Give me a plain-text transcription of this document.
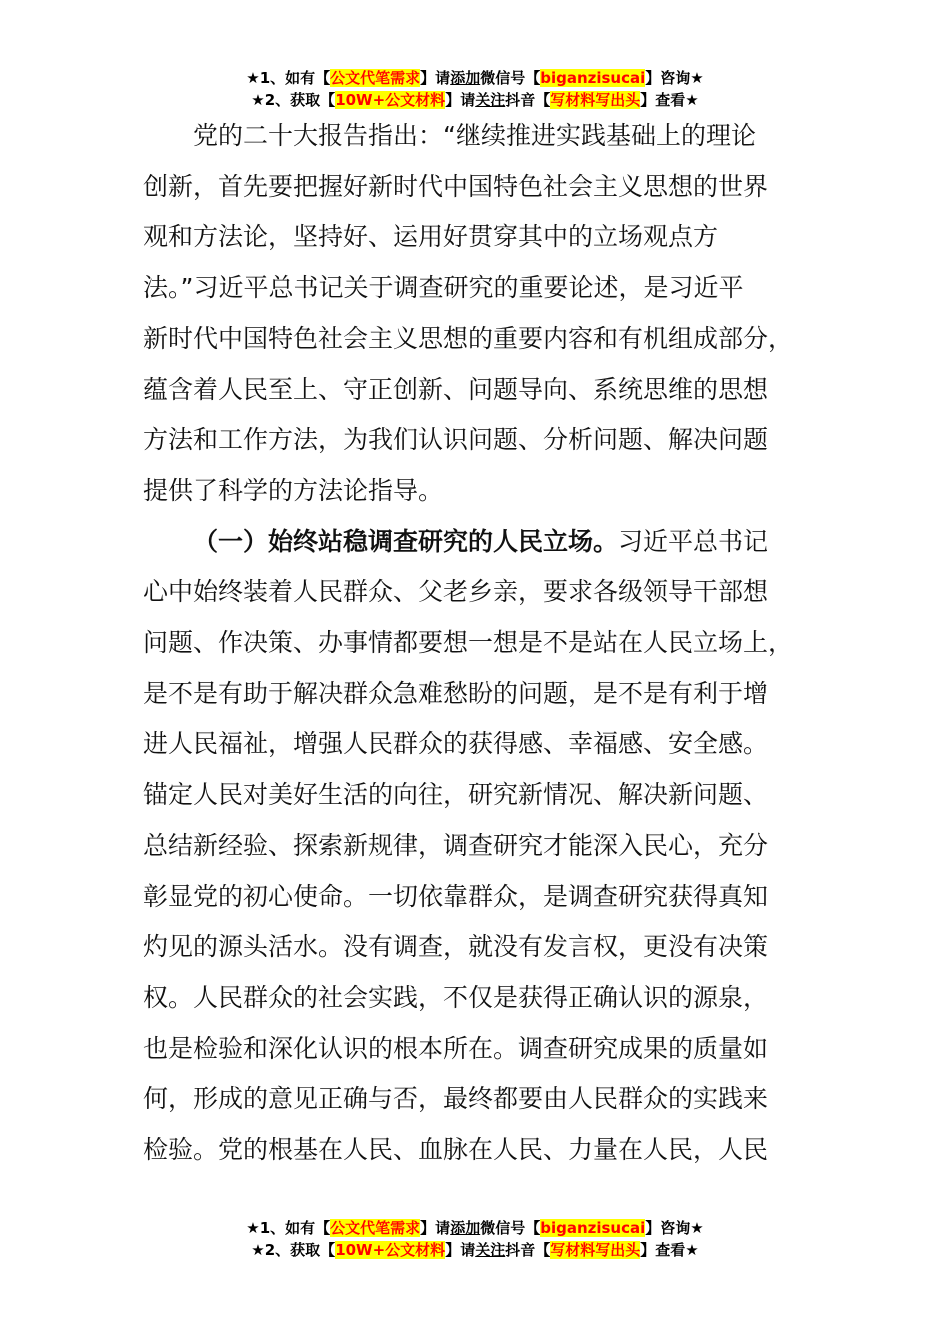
★1、如有【公文代笔需求】请添加微信号【biganzisucai】咨询★
★2、获取【10W+公文材料】请关注抖音【写材料写出头】查看★
党的二十大报告指出：“继续推进实践基础上的理论
创新，首先要把握好新时代中国特色社会主义思想的世界
观和方法论，坚持好、运用好贯穿其中的立场观点方
法。”习近平总书记关于调查研究的重要论述，是习近平
新时代中国特色社会主义思想的重要内容和有机组成部分，
蕴含着人民至上、守正创新、问题导向、系统思维的思想
方法和工作方法，为我们认识问题、分析问题、解决问题
提供了科学的方法论指导。
（一）始终站稳调查研究的人民立场。习近平总书记
心中始终装着人民群众、父老乡亲，要求各级领导干部想
问题、作决策、办事情都要想一想是不是站在人民立场上，
是不是有助于解决群众急难愁盼的问题，是不是有利于增
进人民福祉，增强人民群众的获得感、幸福感、安全感。
锚定人民对美好生活的向往，研究新情况、解决新问题、
总结新经验、探索新规律，调查研究才能深入民心，充分
彰显党的初心使命。一切依靠群众，是调查研究获得真知
灼见的源头活水。没有调查，就没有发言权，更没有决策
权。人民群众的社会实践，不仅是获得正确认识的源泉，
也是检验和深化认识的根本所在。调查研究成果的质量如
何，形成的意见正确与否，最终都要由人民群众的实践来
检验。党的根基在人民、血脉在人民、力量在人民，人民
★1、如有【公文代笔需求】请添加微信号【biganzisucai】咨询★
★2、获取【10W+公文材料】请关注抖音【写材料写出头】查看★
